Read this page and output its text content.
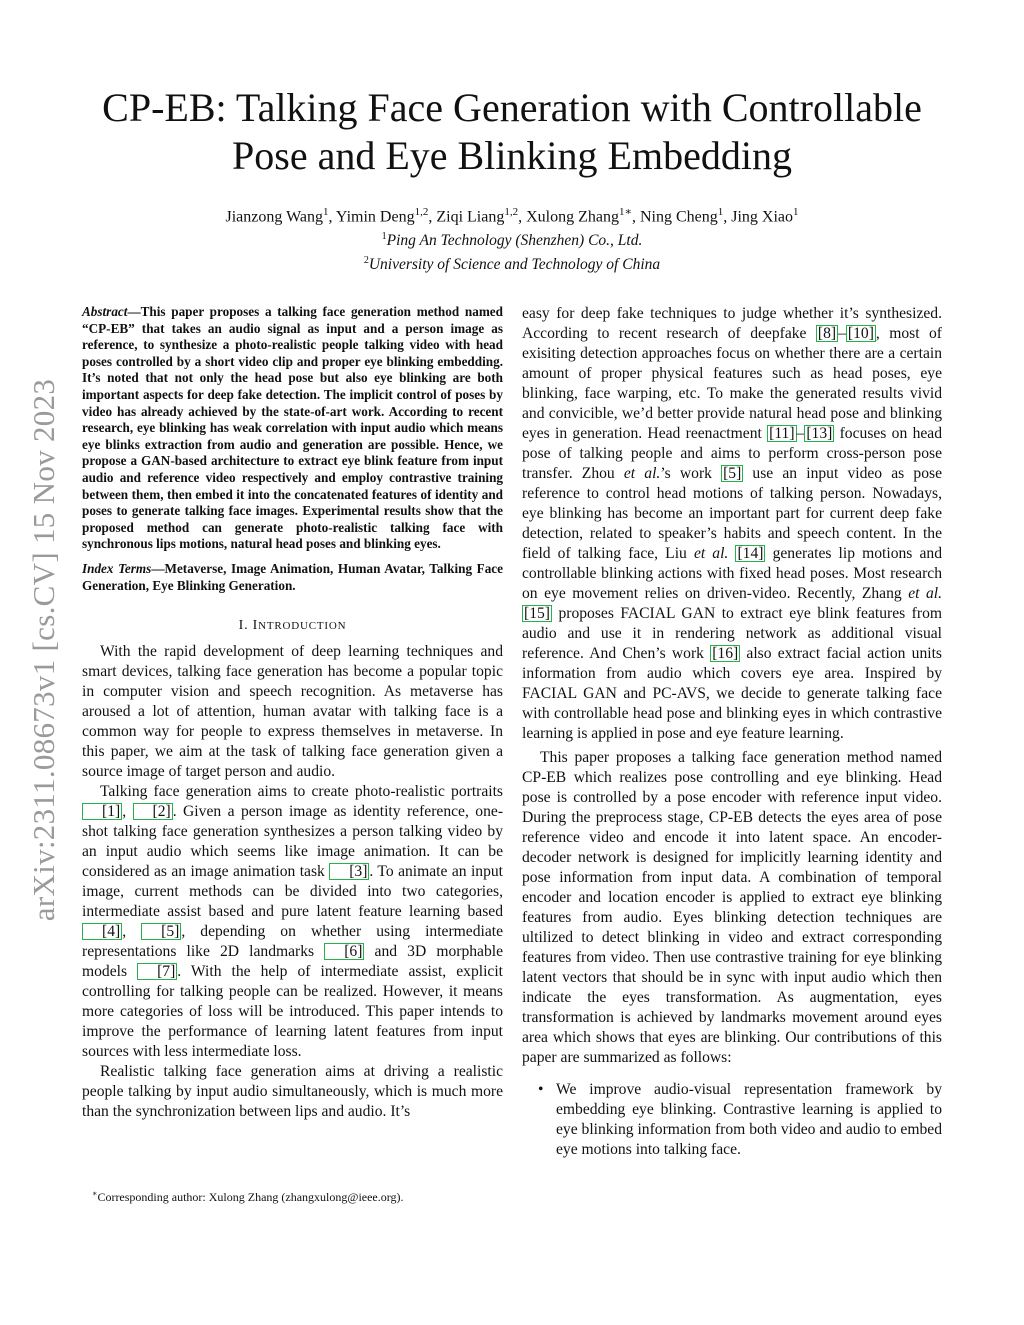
arXiv:2311.08673v1 [cs.CV] 15 Nov 2023
CP-EB: Talking Face Generation with Controllable
Pose and Eye Blinking Embedding
Jianzong Wang$^1$, Yimin Deng$^{1,2}$, Ziqi Liang$^{1,2}$, Xulong Zhang$^{1∗}$, Ning Cheng$^1$, Jing Xiao$^1$
$^1$Ping An Technology (Shenzhen) Co., Ltd.
$^2$University of Science and Technology of China

Abstract—This paper proposes a talking face generation method named “CP-EB” that takes an audio signal as input and a person image as reference, to synthesize a photo-realistic people talking video with head poses controlled by a short video clip and proper eye blinking embedding. It’s noted that not only the head pose but also eye blinking are both important aspects for deep fake detection. The implicit control of poses by video has already achieved by the state-of-art work. According to recent research, eye blinking has weak correlation with input audio which means eye blinks extraction from audio and generation are possible. Hence, we propose a GAN-based architecture to extract eye blink feature from input audio and reference video respectively and employ contrastive training between them, then embed it into the concatenated features of identity and poses to generate talking face images. Experimental results show that the proposed method can generate photo-realistic talking face with synchronous lips motions, natural head poses and blinking eyes.

Index Terms—Metaverse, Image Animation, Human Avatar, Talking Face Generation, Eye Blinking Generation.

I. INTRODUCTION

With the rapid development of deep learning techniques and smart devices, talking face generation has become a popular topic in computer vision and speech recognition. As metaverse has aroused a lot of attention, human avatar with talking face is a common way for people to express themselves in metaverse. In this paper, we aim at the task of talking face generation given a source image of target person and audio.

Talking face generation aims to create photo-realistic portraits [1] , [2] . Given a person image as identity reference, one-shot talking face generation synthesizes a person talking video by an input audio which seems like image animation. It can be considered as an image animation task [3] . To animate an input image, current methods can be divided into two categories, intermediate assist based and pure latent feature learning based [4] , [5] , depending on whether using intermediate representations like 2D landmarks [6] and 3D morphable models [7] . With the help of intermediate assist, explicit controlling for talking people can be realized. However, it means more categories of loss will be introduced. This paper intends to improve the performance of learning latent features from input sources with less intermediate loss.

Realistic talking face generation aims at driving a realistic people talking by input audio simultaneously, which is much more than the synchronization between lips and audio. It’s

∗Corresponding author: Xulong Zhang (zhangxulong@ieee.org).

easy for deep fake techniques to judge whether it’s synthesized. According to recent research of deepfake [8] – [10] , most of exisiting detection approaches focus on whether there are a certain amount of proper physical features such as head poses, eye blinking, face warping, etc. To make the generated results vivid and convicible, we’d better provide natural head pose and blinking eyes in generation. Head reenactment [11] – [13] focuses on head pose of talking people and aims to perform cross-person pose transfer. Zhou et al.’s work [5] use an input video as pose reference to control head motions of talking person. Nowadays, eye blinking has become an important part for current deep fake detection, related to speaker’s habits and speech content. In the field of talking face, Liu et al. [14] generates lip motions and controllable blinking actions with fixed head poses. Most research on eye movement relies on driven-video. Recently, Zhang et al. [15] proposes FACIAL GAN to extract eye blink features from audio and use it in rendering network as additional visual reference. And Chen’s work [16] also extract facial action units information from audio which covers eye area. Inspired by FACIAL GAN and PC-AVS, we decide to generate talking face with controllable head pose and blinking eyes in which contrastive learning is applied in pose and eye feature learning.

This paper proposes a talking face generation method named CP-EB which realizes pose controlling and eye blinking. Head pose is controlled by a pose encoder with reference input video. During the preprocess stage, CP-EB detects the eyes area of pose reference video and encode it into latent space. An encoder-decoder network is designed for implicitly learning identity and pose information from input data. A combination of temporal encoder and location encoder is applied to extract eye blinking features from audio. Eyes blinking detection techniques are ultilized to detect blinking in video and extract corresponding features from video. Then use contrastive training for eye blinking latent vectors that should be in sync with input audio which then indicate the eyes transformation. As augmentation, eyes transformation is achieved by landmarks movement around eyes area which shows that eyes are blinking. Our contributions of this paper are summarized as follows:

• We improve audio-visual representation framework by embedding eye blinking. Contrastive learning is applied to eye blinking information from both video and audio to embed eye motions into talking face.
